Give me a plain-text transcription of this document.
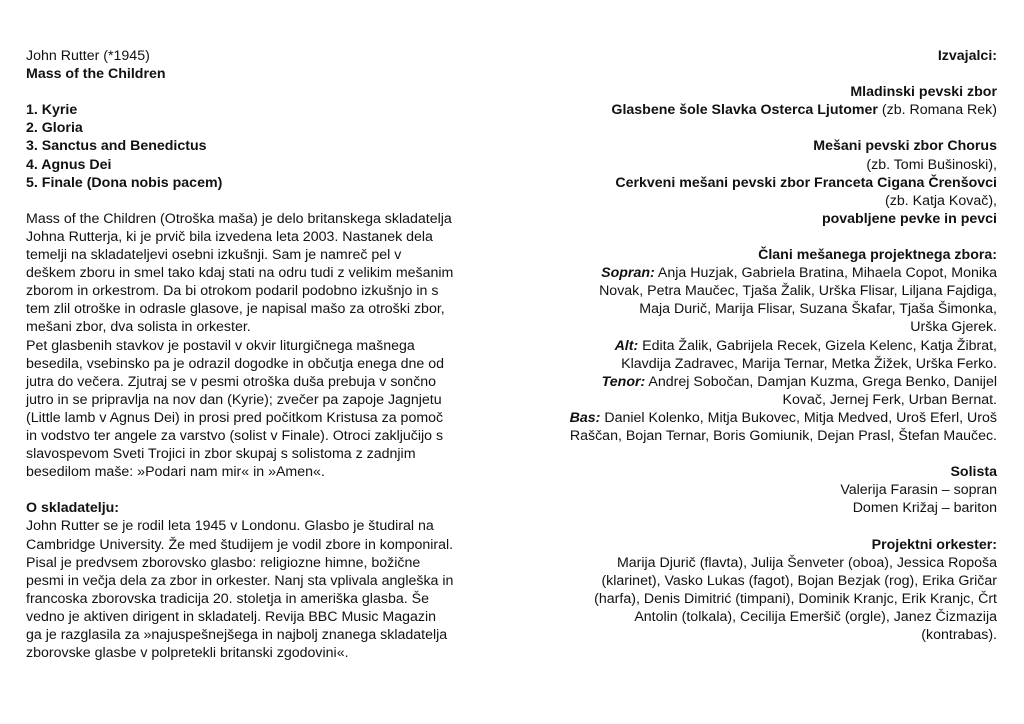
John Rutter (*1945)

Mass of the Children

1. Kyrie
2. Gloria
3. Sanctus and Benedictus
4. Agnus Dei
5. Finale (Dona nobis pacem)

Mass of the Children (Otroška maša) je delo britanskega skladatelja

Johna Rutterja, ki je prvič bila izvedena leta 2003. Nastanek dela

temelji na skladateljevi osebni izkušnji. Sam je namreč pel v

deškem zboru in smel tako kdaj stati na odru tudi z velikim mešanim

zborom in orkestrom. Da bi otrokom podaril podobno izkušnjo in s

tem zlil otroške in odrasle glasove, je napisal mašo za otroški zbor,

mešani zbor, dva solista in orkester.

Pet glasbenih stavkov je postavil v okvir liturgičnega mašnega

besedila, vsebinsko pa je odrazil dogodke in občutja enega dne od

jutra do večera. Zjutraj se v pesmi otroška duša prebuja v sončno

jutro in se pripravlja na nov dan (Kyrie); zvečer pa zapoje Jagnjetu

(Little lamb v Agnus Dei) in prosi pred počitkom Kristusa za pomoč

in vodstvo ter angele za varstvo (solist v Finale). Otroci zaključijo s

slavospevom Sveti Trojici in zbor skupaj s solistoma z zadnjim

besedilom maše: »Podari nam mir« in »Amen«.

O skladatelju:

John Rutter se je rodil leta 1945 v Londonu. Glasbo je študiral na

Cambridge University. Že med študijem je vodil zbore in komponiral.

Pisal je predvsem zborovsko glasbo: religiozne himne, božične

pesmi in večja dela za zbor in orkester. Nanj sta vplivala angleška in

francoska zborovska tradicija 20. stoletja in ameriška glasba. Še

vedno je aktiven dirigent in skladatelj. Revija BBC Music Magazin

ga je razglasila za »najuspešnejšega in najbolj znanega skladatelja

zborovske glasbe v polpretekli britanski zgodovini«.

Izvajalci:

Mladinski pevski zbor

Glasbene šole Slavka Osterca Ljutomer (zb. Romana Rek)

Mešani pevski zbor Chorus

(zb. Tomi Bušinoski),

Cerkveni mešani pevski zbor Franceta Cigana Črenšovci

(zb. Katja Kovač),

povabljene pevke in pevci

Člani mešanega projektnega zbora:

Sopran: Anja Huzjak, Gabriela Bratina, Mihaela Copot, Monika

Novak, Petra Maučec, Tjaša Žalik, Urška Flisar, Liljana Fajdiga,

Maja Durič, Marija Flisar, Suzana Škafar, Tjaša Šimonka,

Urška Gjerek.

Alt: Edita Žalik, Gabrijela Recek, Gizela Kelenc, Katja Žibrat,

Klavdija Zadravec, Marija Ternar, Metka Žižek, Urška Ferko.

Tenor: Andrej Sobočan, Damjan Kuzma, Grega Benko, Danijel

Kovač, Jernej Ferk, Urban Bernat.

Bas: Daniel Kolenko, Mitja Bukovec, Mitja Medved, Uroš Eferl, Uroš

Raščan, Bojan Ternar, Boris Gomiunik, Dejan Prasl, Štefan Maučec.

Solista

Valerija Farasin – sopran

Domen Križaj – bariton

Projektni orkester:

Marija Djurič (flavta), Julija Šenveter (oboa), Jessica Ropoša

(klarinet), Vasko Lukas (fagot), Bojan Bezjak (rog), Erika Gričar

(harfa), Denis Dimitrić (timpani), Dominik Kranjc, Erik Kranjc, Črt

Antolin (tolkala), Cecilija Emeršič (orgle), Janez Čizmazija

(kontrabas).
